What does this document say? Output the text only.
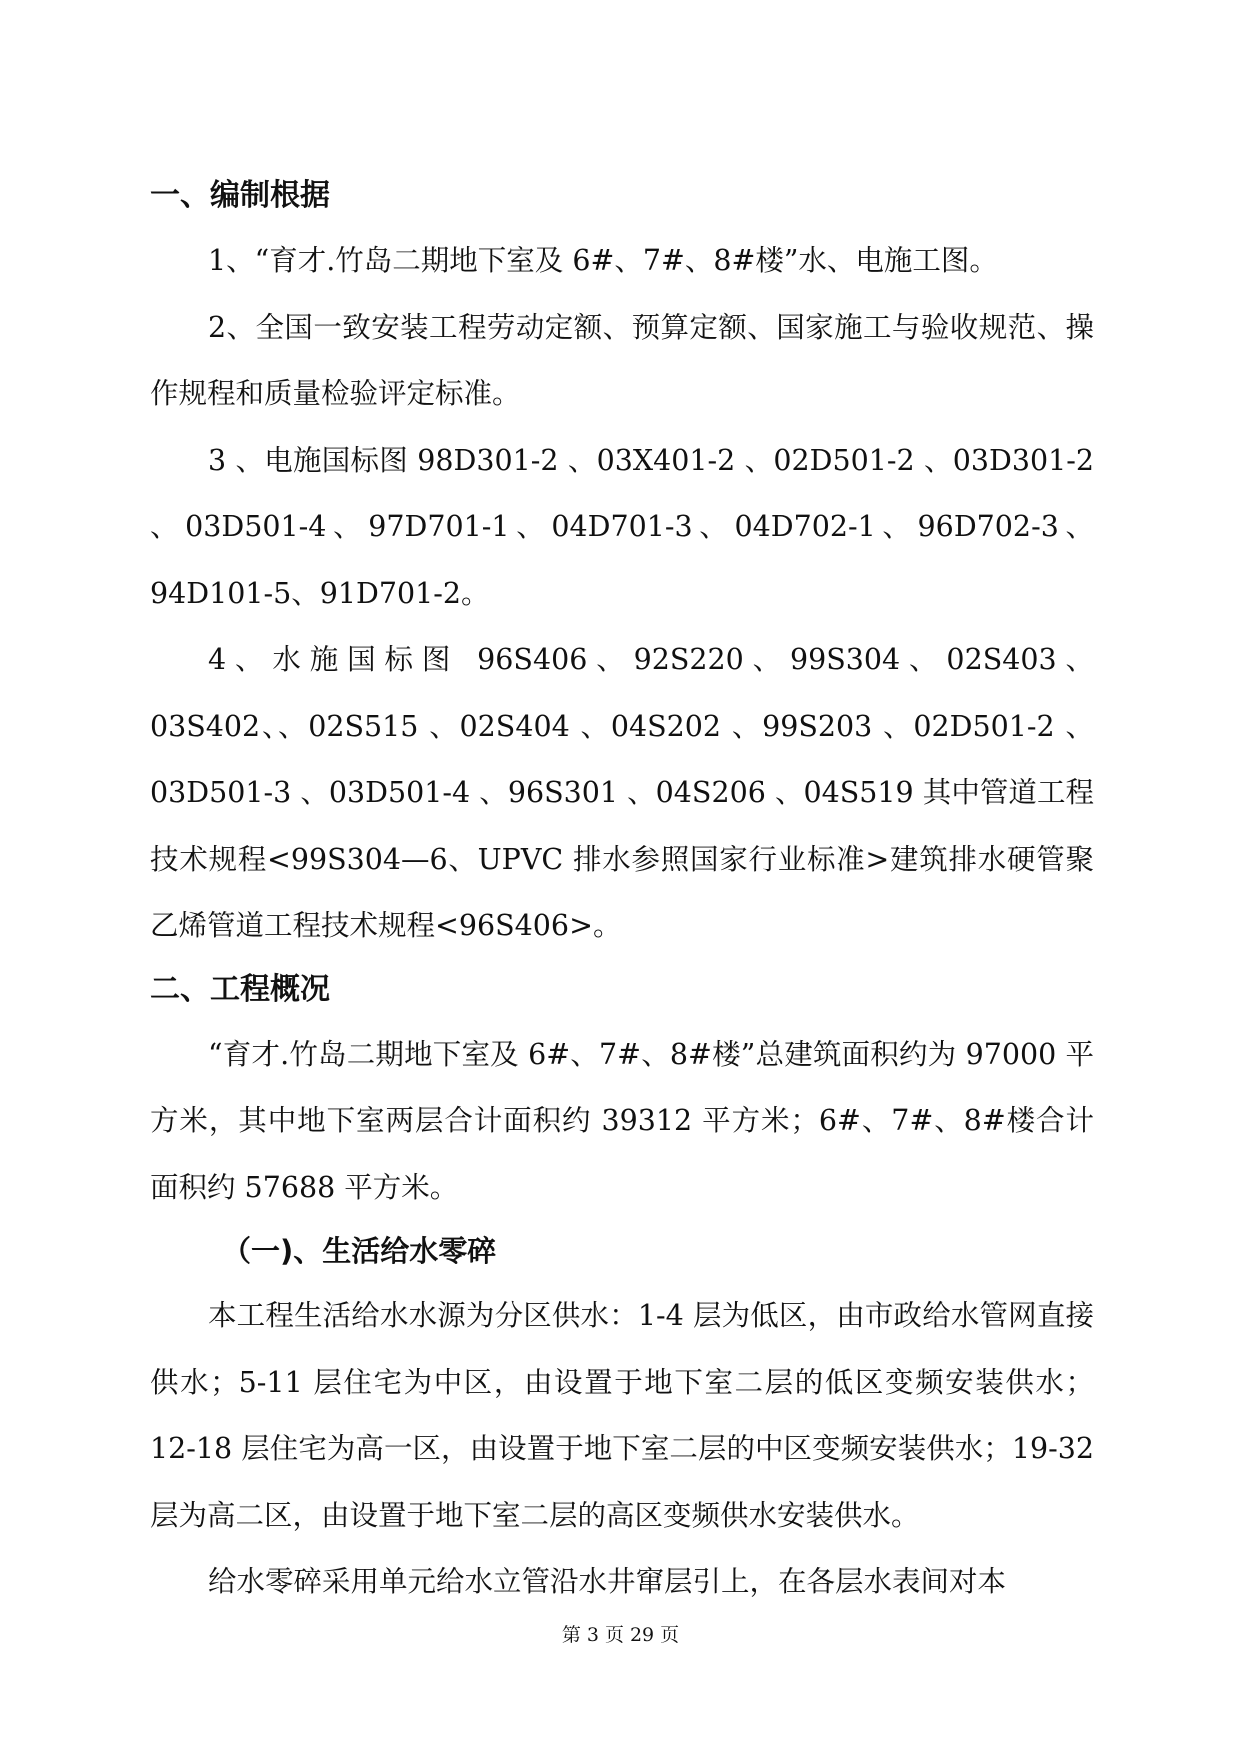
一、编制根据

1、“育才.竹岛二期地下室及 6#、7#、8#楼”水、电施工图。

2、全国一致安装工程劳动定额、预算定额、国家施工与验收规范、操作规程和质量检验评定标准。

3 、电施国标图 98D301-2 、03X401-2 、02D501-2 、03D301-2 、03D501-4、97D701-1、04D701-3、04D702-1、96D702-3、94D101-5、91D701-2。

4、水施国标图 96S406、92S220、99S304、02S403、03S402、、02S515 、02S404 、04S202 、99S203 、02D501-2 、03D501-3 、03D501-4 、96S301 、04S206 、04S519 其中管道工程技术规程<99S304—6、UPVC 排水参照国家行业标准>建筑排水硬管聚乙烯管道工程技术规程<96S406>。

二、工程概况

“育才.竹岛二期地下室及 6#、7#、8#楼”总建筑面积约为 97000 平方米，其中地下室两层合计面积约 39312 平方米；6#、7#、8#楼合计面积约 57688 平方米。

（一)、生活给水零碎

本工程生活给水水源为分区供水：1-4 层为低区，由市政给水管网直接供水；5-11 层住宅为中区，由设置于地下室二层的低区变频安装供水；12-18 层住宅为高一区，由设置于地下室二层的中区变频安装供水；19-32 层为高二区，由设置于地下室二层的高区变频供水安装供水。

给水零碎采用单元给水立管沿水井窜层引上，在各层水表间对本

第 3 页 29 页
